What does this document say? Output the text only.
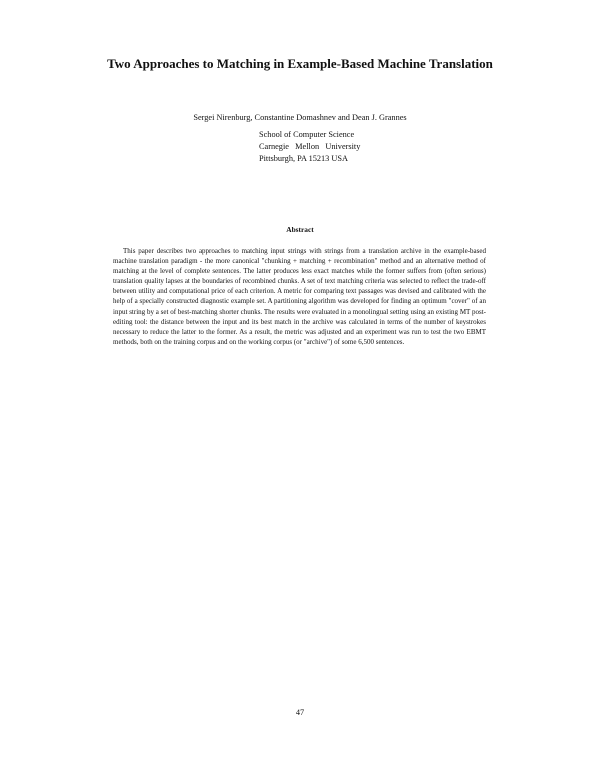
Two Approaches to Matching in Example-Based Machine Translation
Sergei Nirenburg, Constantine Domashnev and Dean J. Grannes
School of Computer Science
Carnegie   Mellon   University
Pittsburgh, PA 15213 USA
Abstract

This paper describes two approaches to matching input strings with strings from a translation archive in the example-based machine translation paradigm - the more canonical "chunking + matching + recombination" method and an alternative method of matching at the level of complete sentences. The latter produces less exact matches while the former suffers from (often serious) translation quality lapses at the boundaries of recombined chunks. A set of text matching criteria was selected to reflect the trade-off between utility and computational price of each criterion. A metric for comparing text passages was devised and calibrated with the help of a specially constructed diagnostic example set. A partitioning algorithm was developed for finding an optimum "cover" of an input string by a set of best-matching shorter chunks. The results were evaluated in a monolingual setting using an existing MT post-editing tool: the distance between the input and its best match in the archive was calculated in terms of the number of keystrokes necessary to reduce the latter to the former. As a result, the metric was adjusted and an experiment was run to test the two EBMT methods, both on the training corpus and on the working corpus (or "archive") of some 6,500 sentences.

47
